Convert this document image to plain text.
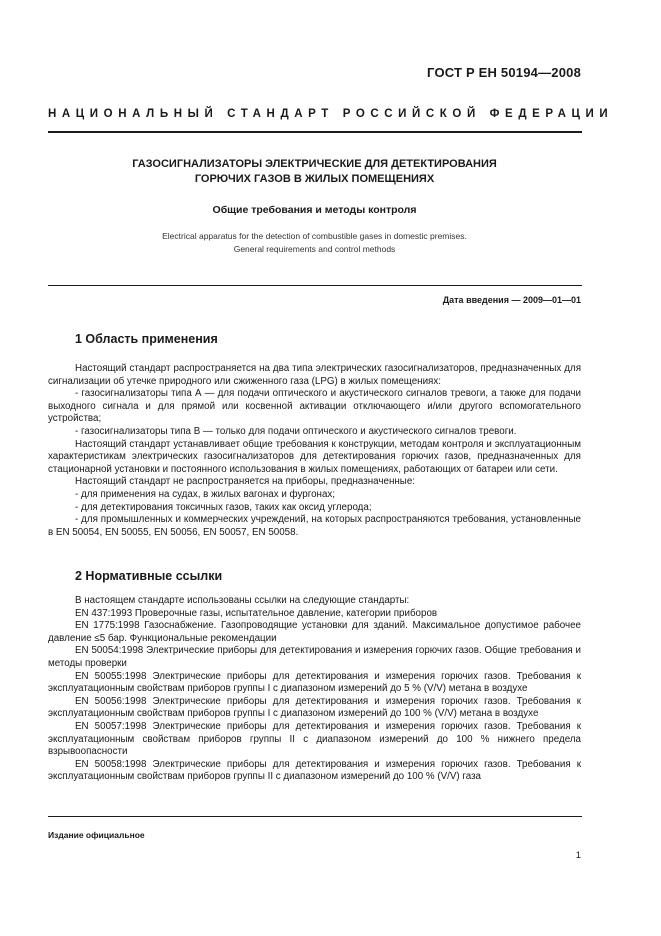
ГОСТ Р ЕН 50194—2008
НАЦИОНАЛЬНЫЙ СТАНДАРТ РОССИЙСКОЙ ФЕДЕРАЦИИ
ГАЗОСИГНАЛИЗАТОРЫ ЭЛЕКТРИЧЕСКИЕ ДЛЯ ДЕТЕКТИРОВАНИЯ
ГОРЮЧИХ ГАЗОВ В ЖИЛЫХ ПОМЕЩЕНИЯХ
Общие требования и методы контроля
Electrical apparatus for the detection of combustible gases in domestic premises.
General requirements and control methods
Дата введения — 2009—01—01
1 Область применения

Настоящий стандарт распространяется на два типа электрических газосигнализаторов, предназначенных для сигнализации об утечке природного или сжиженного газа (LPG) в жилых помещениях:

- газосигнализаторы типа А — для подачи оптического и акустического сигналов тревоги, а также для подачи выходного сигнала и для прямой или косвенной активации отключающего и/или другого вспомогательного устройства;

- газосигнализаторы типа В — только для подачи оптического и акустического сигналов тревоги.

Настоящий стандарт устанавливает общие требования к конструкции, методам контроля и эксплуатационным характеристикам электрических газосигнализаторов для детектирования горючих газов, предназначенных для стационарной установки и постоянного использования в жилых помещениях, работающих от батареи или сети.

Настоящий стандарт не распространяется на приборы, предназначенные:

- для применения на судах, в жилых вагонах и фургонах;

- для детектирования токсичных газов, таких как оксид углерода;

- для промышленных и коммерческих учреждений, на которых распространяются требования, установленные в EN 50054, EN 50055, EN 50056, EN 50057, EN 50058.

2 Нормативные ссылки

В настоящем стандарте использованы ссылки на следующие стандарты:

EN 437:1993 Проверочные газы, испытательное давление, категории приборов

EN 1775:1998 Газоснабжение. Газопроводящие установки для зданий. Максимальное допустимое рабочее давление ≤5 бар. Функциональные рекомендации

EN 50054:1998 Электрические приборы для детектирования и измерения горючих газов. Общие требования и методы проверки

EN 50055:1998 Электрические приборы для детектирования и измерения горючих газов. Требования к эксплуатационным свойствам приборов группы I с диапазоном измерений до 5 % (V/V) метана в воздухе

EN 50056:1998 Электрические приборы для детектирования и измерения горючих газов. Требования к эксплуатационным свойствам приборов группы I с диапазоном измерений до 100 % (V/V) метана в воздухе

EN 50057:1998 Электрические приборы для детектирования и измерения горючих газов. Требования к эксплуатационным свойствам приборов группы II с диапазоном измерений до 100 % нижнего предела взрывоопасности

EN 50058:1998 Электрические приборы для детектирования и измерения горючих газов. Требования к эксплуатационным свойствам приборов группы II с диапазоном измерений до 100 % (V/V) газа

Издание официальное
1
